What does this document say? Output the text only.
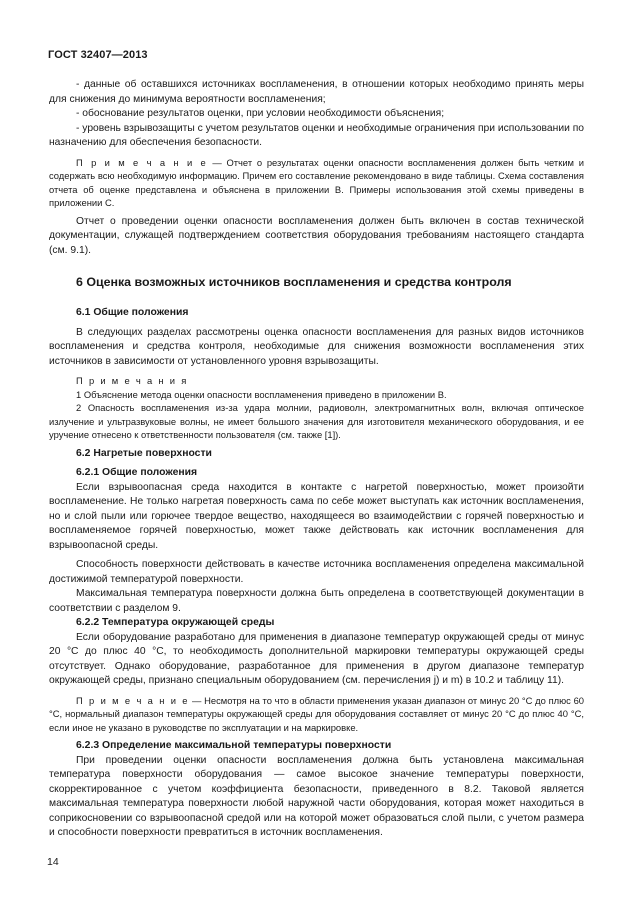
ГОСТ 32407—2013

- данные об оставшихся источниках воспламенения, в отношении которых необходимо принять меры для снижения до минимума вероятности воспламенения;

- обоснование результатов оценки, при условии необходимости объяснения;

- уровень взрывозащиты с учетом результатов оценки и необходимые ограничения при использовании по назначению для обеспечения безопасности.

П р и м е ч а н и е — Отчет о результатах оценки опасности воспламенения должен быть четким и содержать всю необходимую информацию. Причем его составление рекомендовано в виде таблицы. Схема составления отчета об оценке представлена и объяснена в приложении В. Примеры использования этой схемы приведены в приложении С.

Отчет о проведении оценки опасности воспламенения должен быть включен в состав технической документации, служащей подтверждением соответствия оборудования требованиям настоящего стандарта (см. 9.1).

6 Оценка возможных источников воспламенения и средства контроля

6.1 Общие положения

В следующих разделах рассмотрены оценка опасности воспламенения для разных видов источников воспламенения и средства контроля, необходимые для снижения возможности воспламенения этих источников в зависимости от установленного уровня взрывозащиты.

П р и м е ч а н и я

1 Объяснение метода оценки опасности воспламенения приведено в приложении В.

2 Опасность воспламенения из-за удара молнии, радиоволн, электромагнитных волн, включая оптическое излучение и ультразвуковые волны, не имеет большого значения для изготовителя механического оборудования, и ее уручение отнесено к ответственности пользователя (см. также [1]).

6.2 Нагретые поверхности

6.2.1 Общие положения

Если взрывоопасная среда находится в контакте с нагретой поверхностью, может произойти воспламенение. Не только нагретая поверхность сама по себе может выступать как источник воспламенения, но и слой пыли или горючее твердое вещество, находящееся во взаимодействии с горячей поверхностью и воспламеняемое горячей поверхностью, может также действовать как источник воспламенения для взрывоопасной среды.

Способность поверхности действовать в качестве источника воспламенения определена максимальной достижимой температурой поверхности.

Максимальная температура поверхности должна быть определена в соответствующей документации в соответствии с разделом 9.

6.2.2 Температура окружающей среды

Если оборудование разработано для применения в диапазоне температур окружающей среды от минус 20 °С до плюс 40 °С, то необходимость дополнительной маркировки температуры окружающей среды отсутствует. Однако оборудование, разработанное для применения в другом диапазоне температур окружающей среды, признано специальным оборудованием (см. перечисления j) и m) в 10.2 и таблицу 11).

П р и м е ч а н и е — Несмотря на то что в области применения указан диапазон от минус 20 °С до плюс 60 °С, нормальный диапазон температуры окружающей среды для оборудования составляет от минус 20 °С до плюс 40 °С, если иное не указано в руководстве по эксплуатации и на маркировке.

6.2.3 Определение максимальной температуры поверхности

При проведении оценки опасности воспламенения должна быть установлена максимальная температура поверхности оборудования — самое высокое значение температуры поверхности, скорректированное с учетом коэффициента безопасности, приведенного в 8.2. Таковой является максимальная температура поверхности любой наружной части оборудования, которая может находиться в соприкосновении со взрывоопасной средой или на которой может образоваться слой пыли, с учетом размера и способности поверхности превратиться в источник воспламенения.

14
